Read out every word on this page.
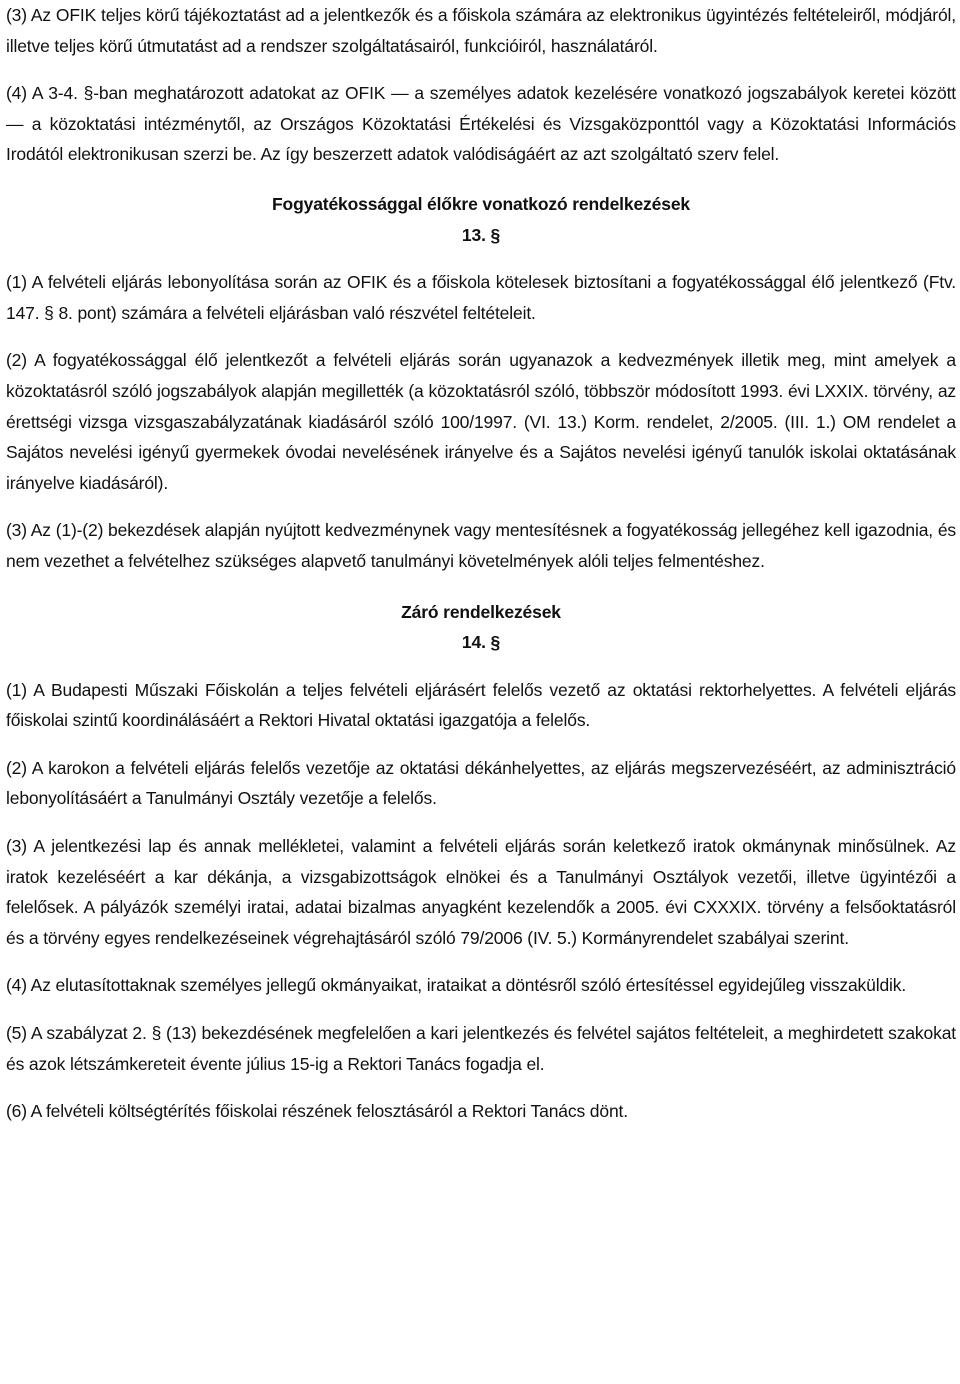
(3) Az OFIK teljes körű tájékoztatást ad a jelentkezők és a főiskola számára az elektronikus ügyintézés feltételeiről, módjáról, illetve teljes körű útmutatást ad a rendszer szolgáltatásairól, funkcióiról, használatáról.

(4) A 3-4. §-ban meghatározott adatokat az OFIK — a személyes adatok kezelésére vonatkozó jogszabályok keretei között — a közoktatási intézménytől, az Országos Közoktatási Értékelési és Vizsgaközponttól vagy a Közoktatási Információs Irodától elektronikusan szerzi be. Az így beszerzett adatok valódiságáért az azt szolgáltató szerv felel.

Fogyatékossággal élőkre vonatkozó rendelkezések

13. §

(1) A felvételi eljárás lebonyolítása során az OFIK és a főiskola kötelesek biztosítani a fogyatékossággal élő jelentkező (Ftv. 147. § 8. pont) számára a felvételi eljárásban való részvétel feltételeit.

(2) A fogyatékossággal élő jelentkezőt a felvételi eljárás során ugyanazok a kedvezmények illetik meg, mint amelyek a közoktatásról szóló jogszabályok alapján megillették (a közoktatásról szóló, többször módosított 1993. évi LXXIX. törvény, az érettségi vizsga vizsgaszabályzatának kiadásáról szóló 100/1997. (VI. 13.) Korm. rendelet, 2/2005. (III. 1.) OM rendelet a Sajátos nevelési igényű gyermekek óvodai nevelésének irányelve és a Sajátos nevelési igényű tanulók iskolai oktatásának irányelve kiadásáról).

(3) Az (1)-(2) bekezdések alapján nyújtott kedvezménynek vagy mentesítésnek a fogyatékosság jellegéhez kell igazodnia, és nem vezethet a felvételhez szükséges alapvető tanulmányi követelmények alóli teljes felmentéshez.

Záró rendelkezések

14. §

(1) A Budapesti Műszaki Főiskolán a teljes felvételi eljárásért felelős vezető az oktatási rektorhelyettes. A felvételi eljárás főiskolai szintű koordinálásáért a Rektori Hivatal oktatási igazgatója a felelős.

(2) A karokon a felvételi eljárás felelős vezetője az oktatási dékánhelyettes, az eljárás megszervezéséért, az adminisztráció lebonyolításáért a Tanulmányi Osztály vezetője a felelős.

(3) A jelentkezési lap és annak mellékletei, valamint a felvételi eljárás során keletkező iratok okmánynak minősülnek. Az iratok kezeléséért a kar dékánja, a vizsgabizottságok elnökei és a Tanulmányi Osztályok vezetői, illetve ügyintézői a felelősek. A pályázók személyi iratai, adatai bizalmas anyagként kezelendők a 2005. évi CXXXIX. törvény a felsőoktatásról és a törvény egyes rendelkezéseinek végrehajtásáról szóló 79/2006 (IV. 5.) Kormányrendelet szabályai szerint.

(4) Az elutasítottaknak személyes jellegű okmányaikat, irataikat a döntésről szóló értesítéssel egyidejűleg visszaküldik.

(5) A szabályzat 2. § (13) bekezdésének megfelelően a kari jelentkezés és felvétel sajátos feltételeit, a meghirdetett szakokat és azok létszámkereteit évente július 15-ig a Rektori Tanács fogadja el.

(6) A felvételi költségtérítés főiskolai részének felosztásáról a Rektori Tanács dönt.
